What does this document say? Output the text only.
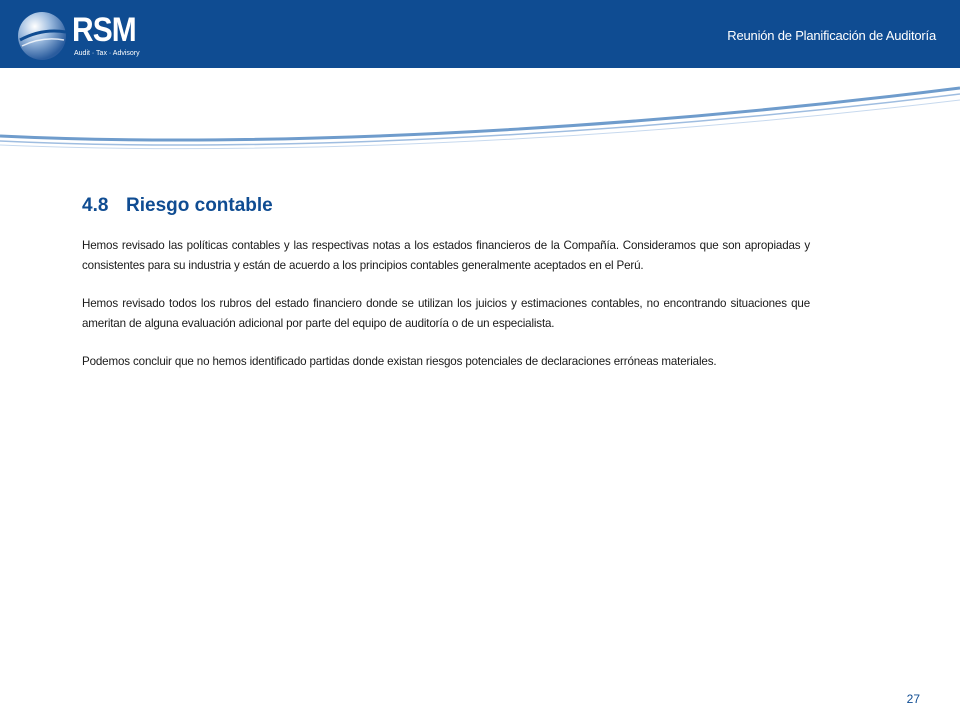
RSM
Audit · Tax · Advisory
Reunión de Planificación de Auditoría
4.8 Riesgo contable

Hemos revisado las políticas contables y las respectivas notas a los estados financieros de la Compañía. Consideramos que son apropiadas y consistentes para su industria y están de acuerdo a los principios contables generalmente aceptados en el Perú.

Hemos revisado todos los rubros del estado financiero donde se utilizan los juicios y estimaciones contables, no encontrando situaciones que ameritan de alguna evaluación adicional por parte del equipo de auditoría o de un especialista.

Podemos concluir que no hemos identificado partidas donde existan riesgos potenciales de declaraciones erróneas materiales.

27
